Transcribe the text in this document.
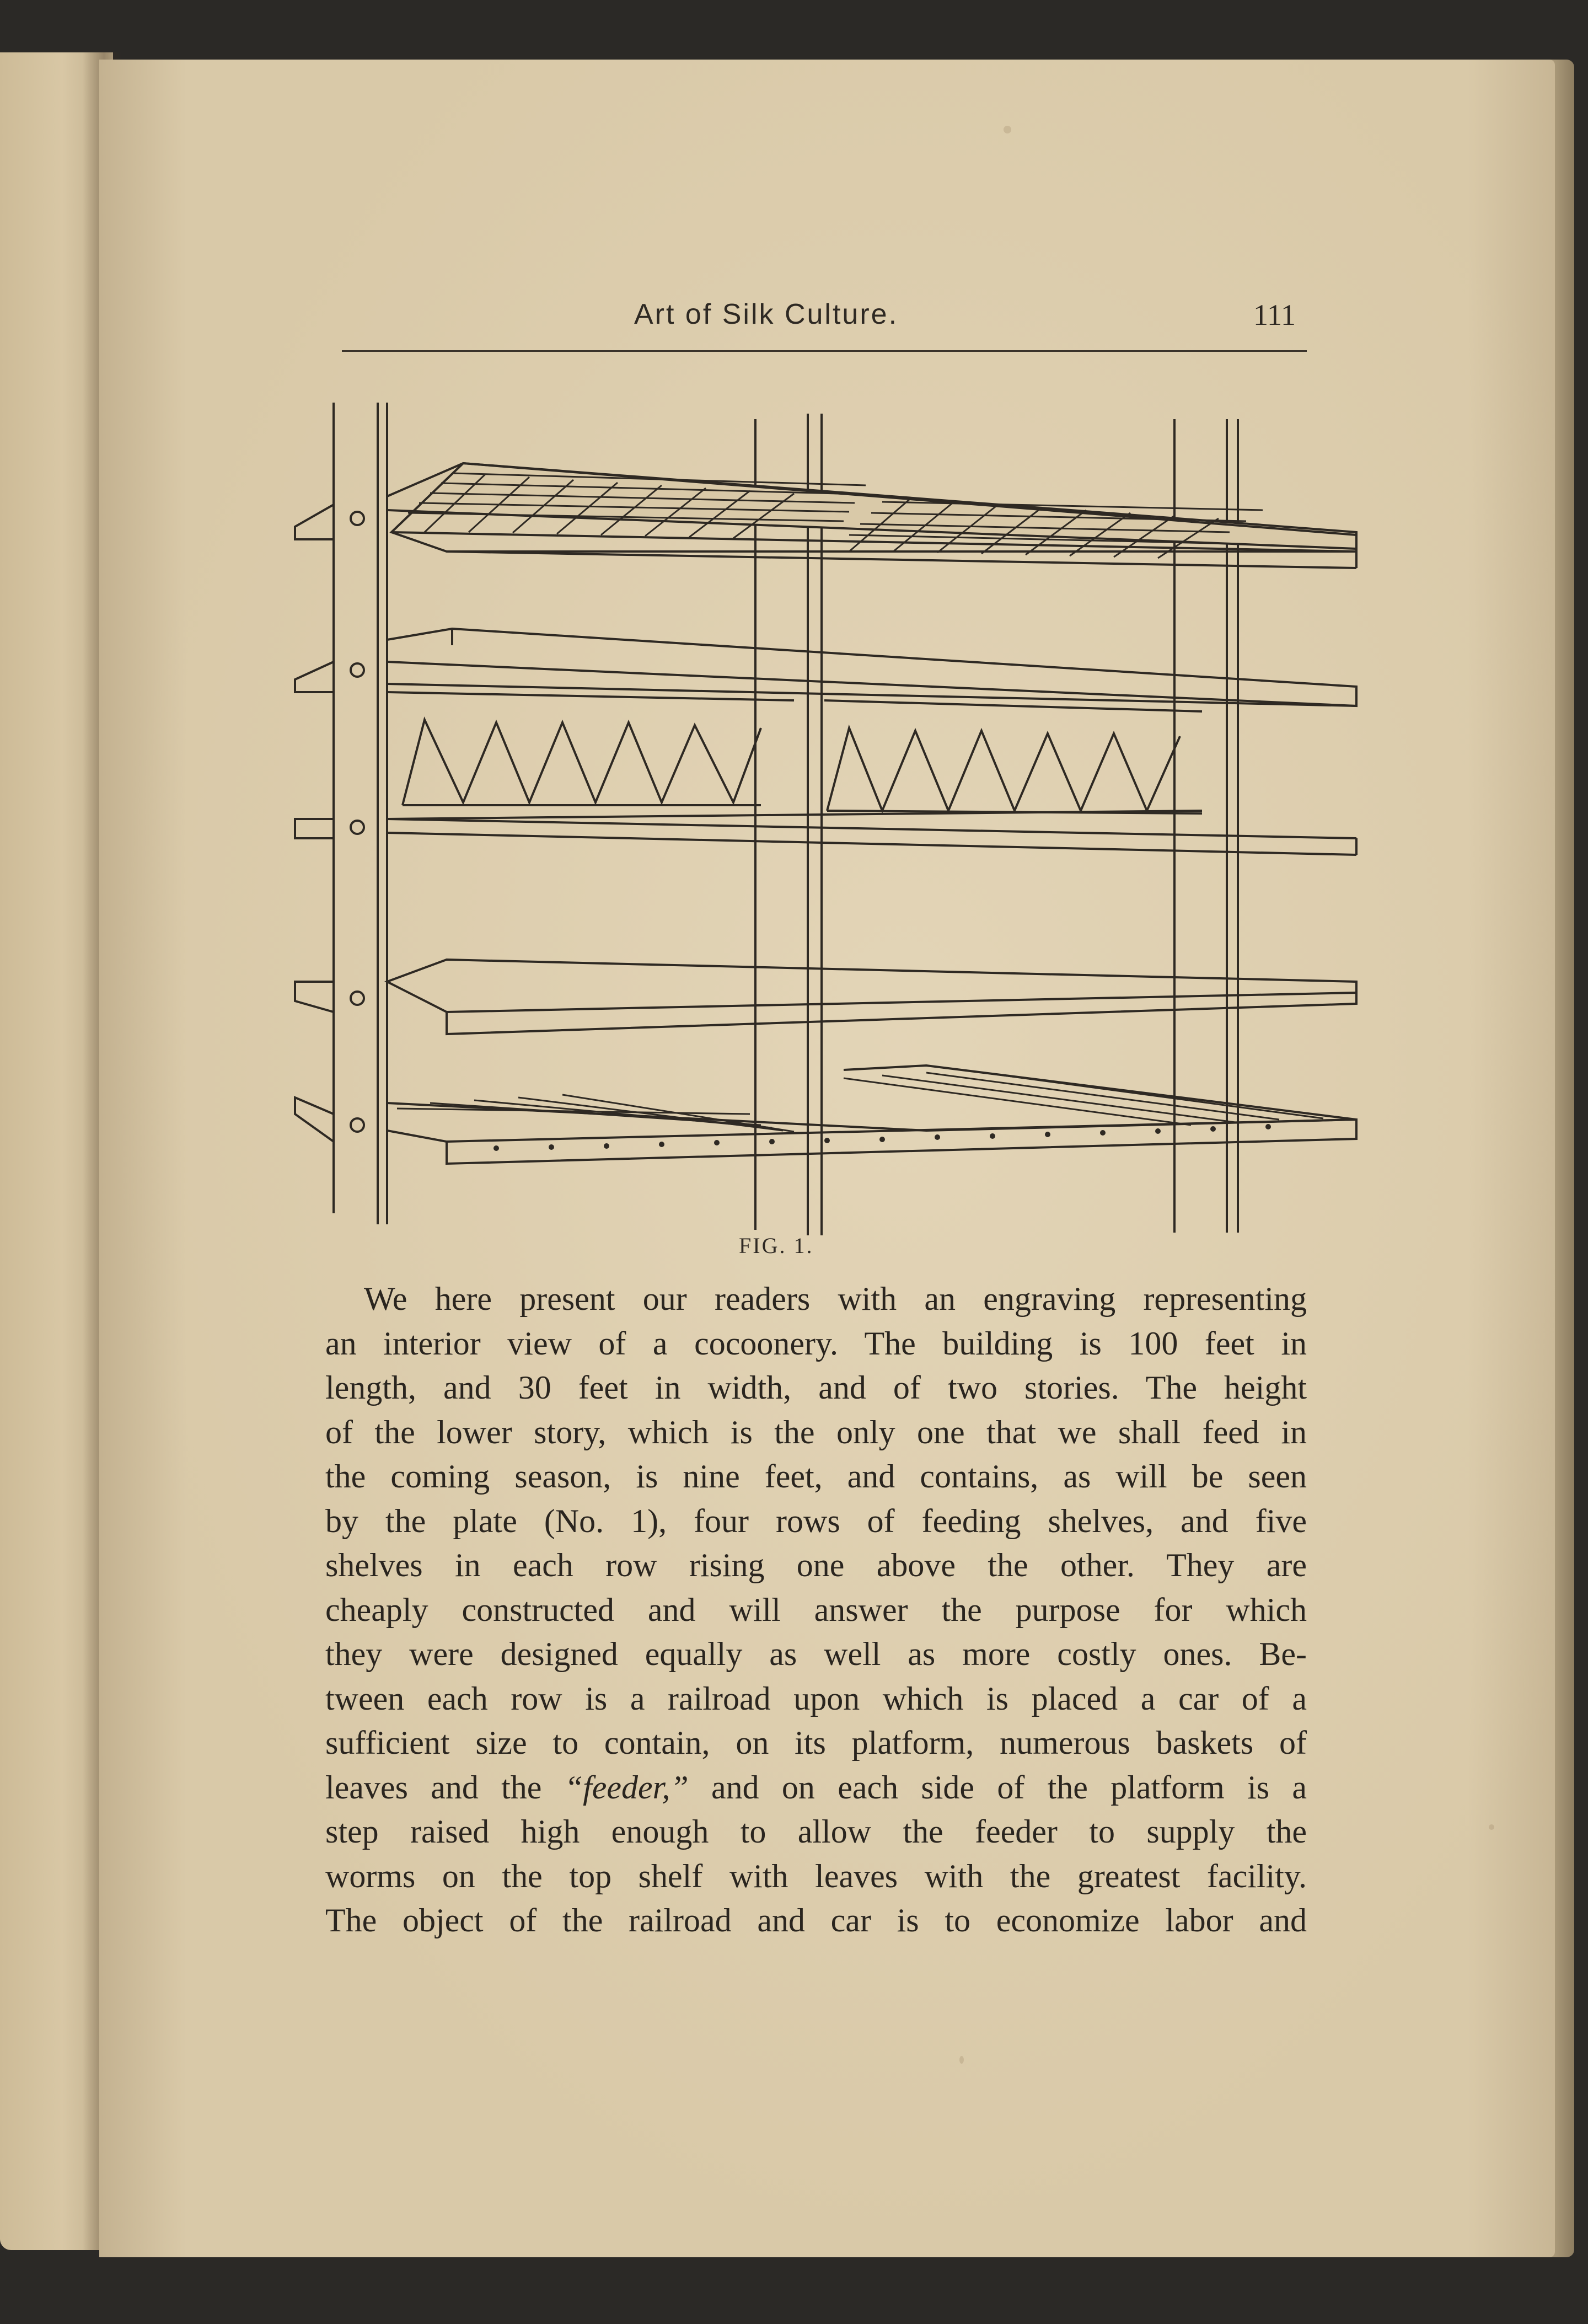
Art of Silk Culture.	111
FIG. 1.
We here present our readers with an engraving representing
an interior view of a cocoonery. The building is 100 feet in
length, and 30 feet in width, and of two stories. The height
of the lower story, which is the only one that we shall feed in
the coming season, is nine feet, and contains, as will be seen
by the plate (No. 1), four rows of feeding shelves, and five
shelves in each row rising one above the other. They are
cheaply constructed and will answer the purpose for which
they were designed equally as well as more costly ones. Be-
tween each row is a railroad upon which is placed a car of a
sufficient size to contain, on its platform, numerous baskets of
leaves and the “feeder,” and on each side of the platform is a
step raised high enough to allow the feeder to supply the
worms on the top shelf with leaves with the greatest facility.
The object of the railroad and car is to economize labor and
